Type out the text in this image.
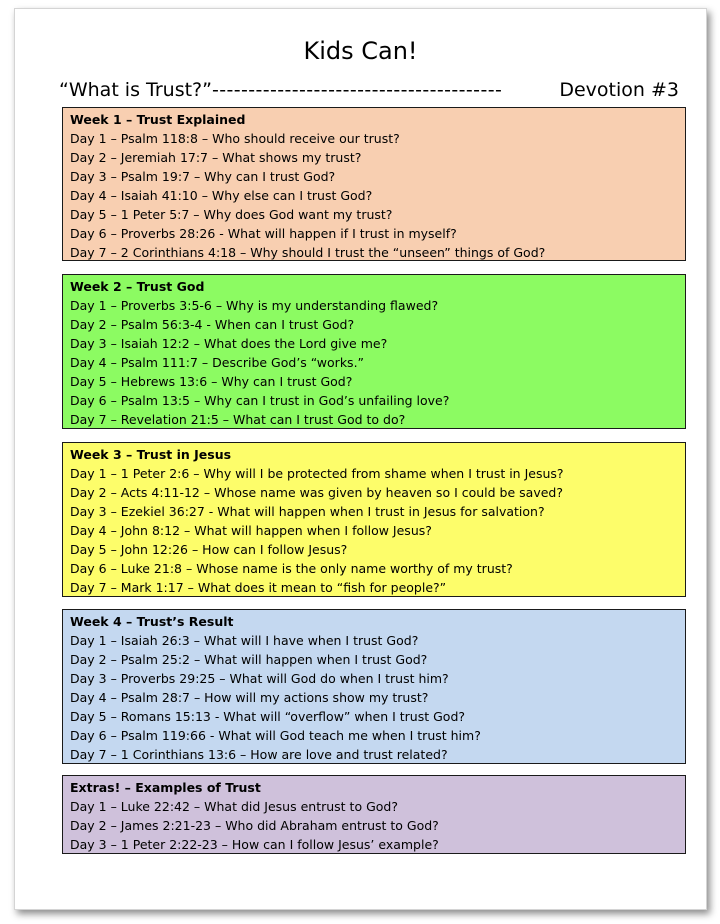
Kids Can!
“What is Trust?” ----------------------------------------	Devotion #3
Week 1 – Trust Explained
Day 1 – Psalm 118:8 – Who should receive our trust?
Day 2 – Jeremiah 17:7 – What shows my trust?
Day 3 – Psalm 19:7 – Why can I trust God?
Day 4 – Isaiah 41:10 – Why else can I trust God?
Day 5 – 1 Peter 5:7 – Why does God want my trust?
Day 6 – Proverbs 28:26 - What will happen if I trust in myself?
Day 7 – 2 Corinthians 4:18 – Why should I trust the “unseen” things of God?
Week 2 – Trust God
Day 1 – Proverbs 3:5-6 – Why is my understanding flawed?
Day 2 – Psalm 56:3-4 - When can I trust God?
Day 3 – Isaiah 12:2 – What does the Lord give me?
Day 4 – Psalm 111:7 – Describe God’s “works.”
Day 5 – Hebrews 13:6 – Why can I trust God?
Day 6 – Psalm 13:5 – Why can I trust in God’s unfailing love?
Day 7 – Revelation 21:5 – What can I trust God to do?
Week 3 – Trust in Jesus
Day 1 – 1 Peter 2:6 – Why will I be protected from shame when I trust in Jesus?
Day 2 – Acts 4:11-12 – Whose name was given by heaven so I could be saved?
Day 3 – Ezekiel 36:27 - What will happen when I trust in Jesus for salvation?
Day 4 – John 8:12 – What will happen when I follow Jesus?
Day 5 – John 12:26 – How can I follow Jesus?
Day 6 – Luke 21:8 – Whose name is the only name worthy of my trust?
Day 7 – Mark 1:17 – What does it mean to “fish for people?”
Week 4 – Trust’s Result
Day 1 – Isaiah 26:3 – What will I have when I trust God?
Day 2 – Psalm 25:2 – What will happen when I trust God?
Day 3 – Proverbs 29:25 – What will God do when I trust him?
Day 4 – Psalm 28:7 – How will my actions show my trust?
Day 5 – Romans 15:13 - What will “overflow” when I trust God?
Day 6 – Psalm 119:66 - What will God teach me when I trust him?
Day 7 – 1 Corinthians 13:6 – How are love and trust related?
Extras! – Examples of Trust
Day 1 – Luke 22:42 – What did Jesus entrust to God?
Day 2 – James 2:21-23 – Who did Abraham entrust to God?
Day 3 – 1 Peter 2:22-23 – How can I follow Jesus’ example?
